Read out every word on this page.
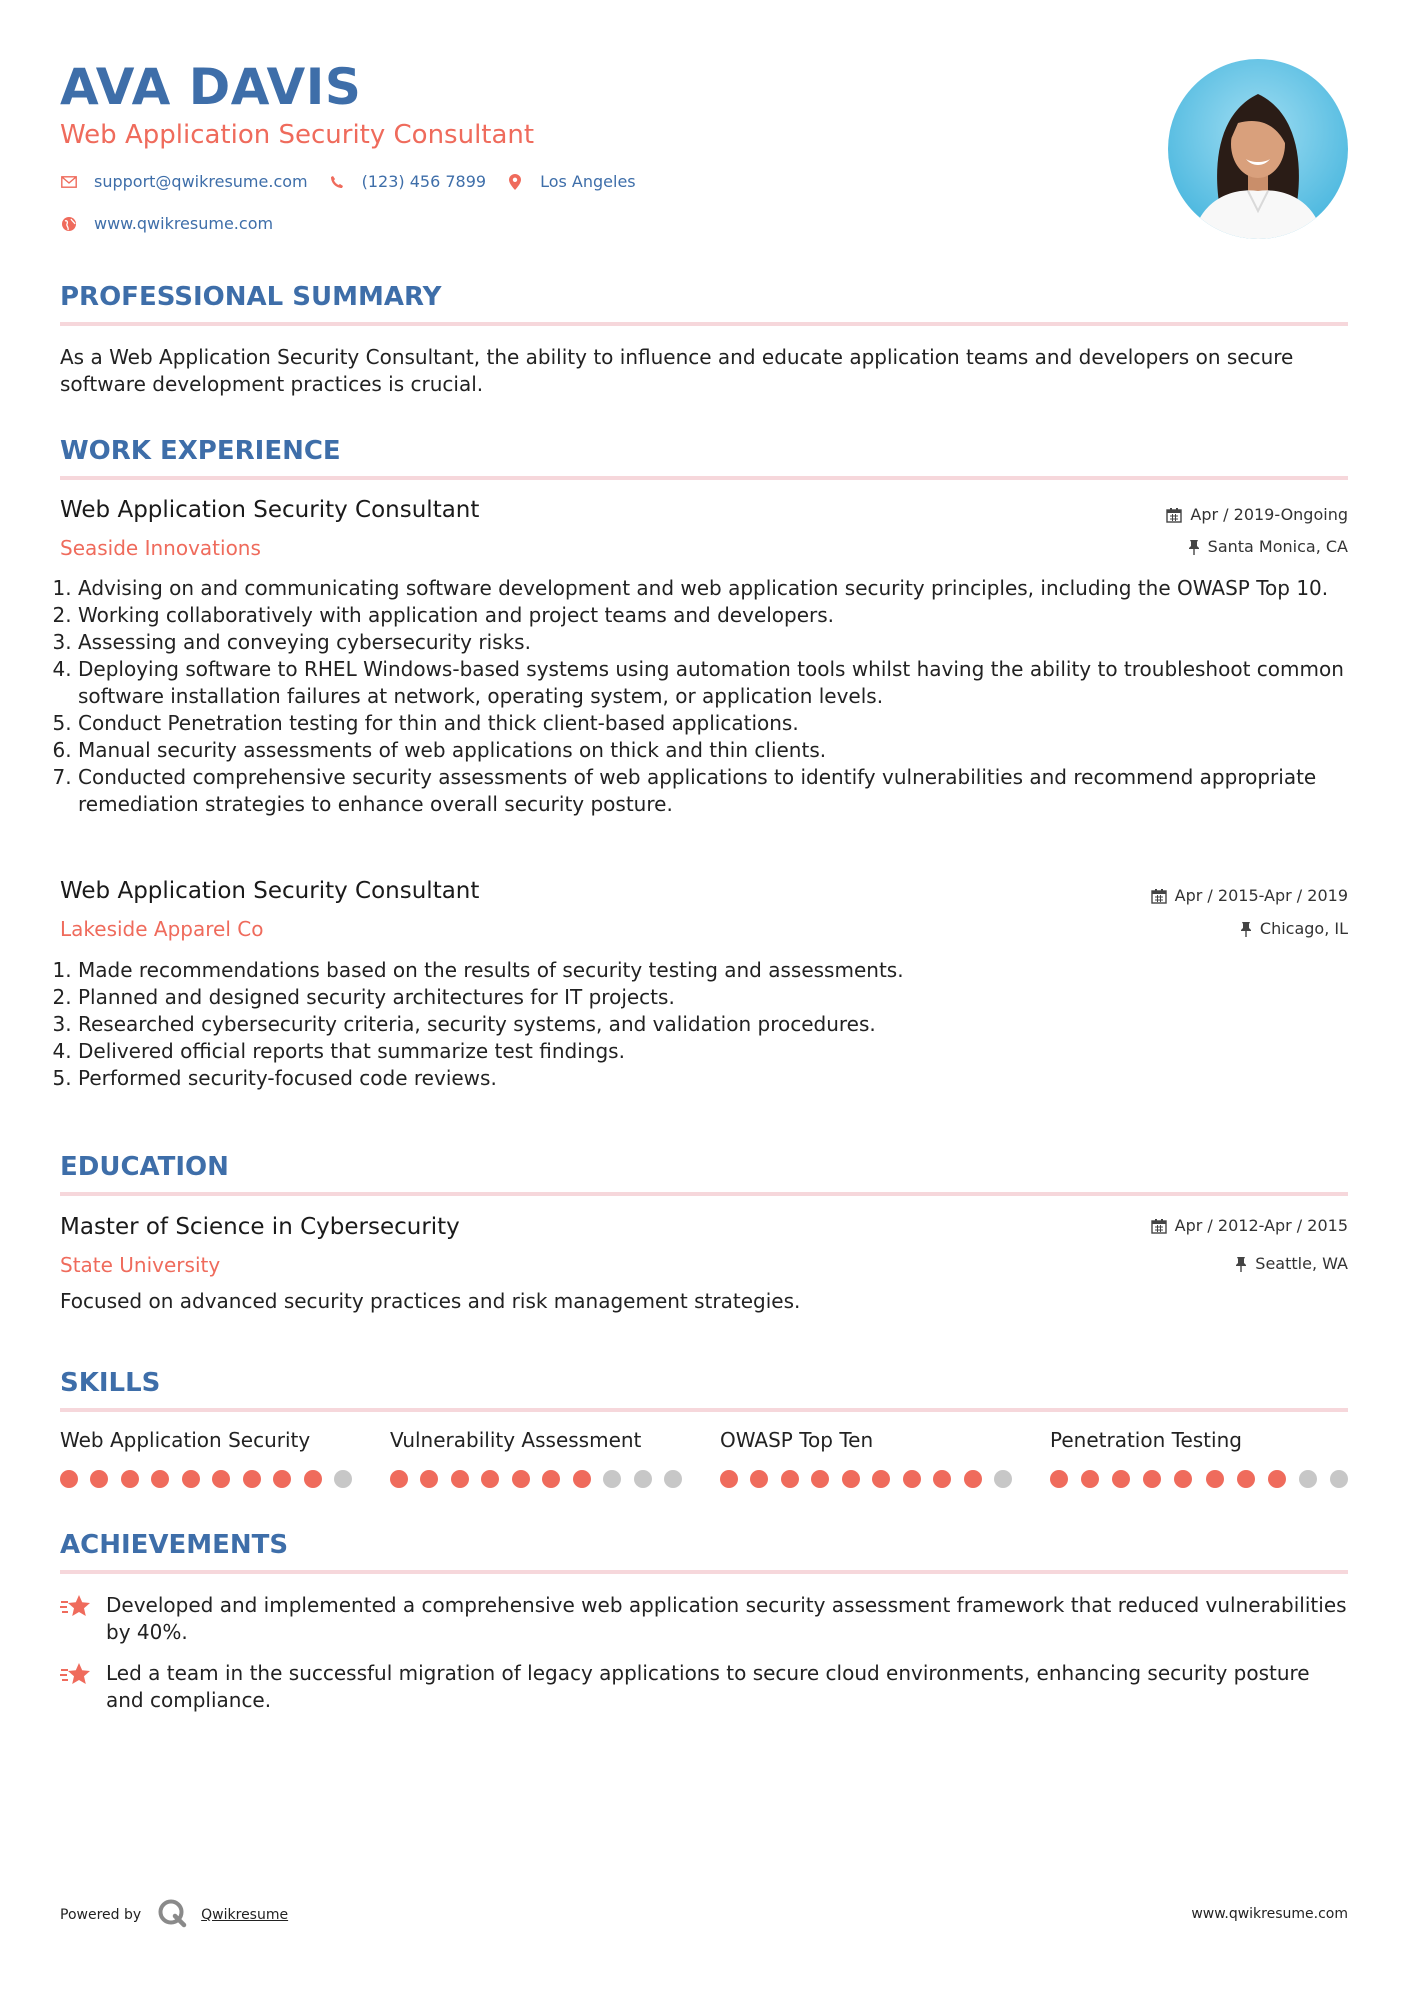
AVA DAVIS
Web Application Security Consultant
support@qwikresume.com	(123) 456 7899	Los Angeles
www.qwikresume.com
PROFESSIONAL SUMMARY
As a Web Application Security Consultant, the ability to influence and educate application teams and developers on secure software development practices is crucial.
WORK EXPERIENCE
Web Application Security Consultant	Apr / 2019-Ongoing
Seaside Innovations	Santa Monica, CA
1. Advising on and communicating software development and web application security principles, including the OWASP Top 10.
2. Working collaboratively with application and project teams and developers.
3. Assessing and conveying cybersecurity risks.
4. Deploying software to RHEL Windows-based systems using automation tools whilst having the ability to troubleshoot common software installation failures at network, operating system, or application levels.
5. Conduct Penetration testing for thin and thick client-based applications.
6. Manual security assessments of web applications on thick and thin clients.
7. Conducted comprehensive security assessments of web applications to identify vulnerabilities and recommend appropriate remediation strategies to enhance overall security posture.
Web Application Security Consultant	Apr / 2015-Apr / 2019
Lakeside Apparel Co	Chicago, IL
1. Made recommendations based on the results of security testing and assessments.
2. Planned and designed security architectures for IT projects.
3. Researched cybersecurity criteria, security systems, and validation procedures.
4. Delivered official reports that summarize test findings.
5. Performed security-focused code reviews.
EDUCATION
Master of Science in Cybersecurity	Apr / 2012-Apr / 2015
State University	Seattle, WA
Focused on advanced security practices and risk management strategies.
SKILLS
Web Application Security	Vulnerability Assessment	OWASP Top Ten	Penetration Testing
ACHIEVEMENTS
Developed and implemented a comprehensive web application security assessment framework that reduced vulnerabilities by 40%.
Led a team in the successful migration of legacy applications to secure cloud environments, enhancing security posture and compliance.
Powered by	Qwikresume	www.qwikresume.com
